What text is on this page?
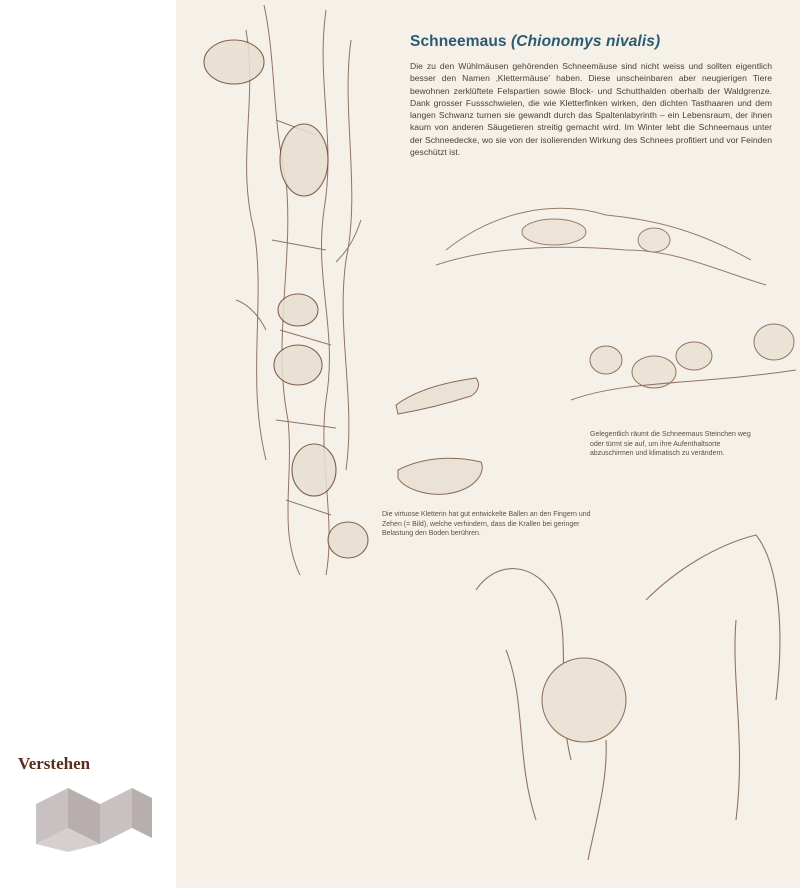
Verstehen
Schneemaus (Chionomys nivalis)

Die zu den Wühlmäusen gehörenden Schneemäuse sind nicht weiss und sollten eigentlich besser den Namen ‚Klettermäuse' haben. Diese unscheinbaren aber neugierigen Tiere bewohnen zerklüftete Felspartien sowie Block- und Schutthalden oberhalb der Waldgrenze. Dank grosser Fussschwielen, die wie Kletterfinken wirken, den dichten Tasthaaren und dem langen Schwanz turnen sie gewandt durch das Spaltenlabyrinth – ein Lebensraum, der ihnen kaum von anderen Säugetieren streitig gemacht wird. Im Winter lebt die Schneemaus unter der Schneedecke, wo sie von der isolierenden Wirkung des Schnees profitiert und vor Feinden geschützt ist.

Gelegentlich räumt die Schneemaus Steinchen weg oder türmt sie auf, um ihre Aufenthaltsorte abzuschirmen und klimatisch zu verändern.

Die virtuose Kletterin hat gut entwickelte Ballen an den Fingern und Zehen (= Bild), welche verhindern, dass die Krallen bei geringer Belastung den Boden berühren.
